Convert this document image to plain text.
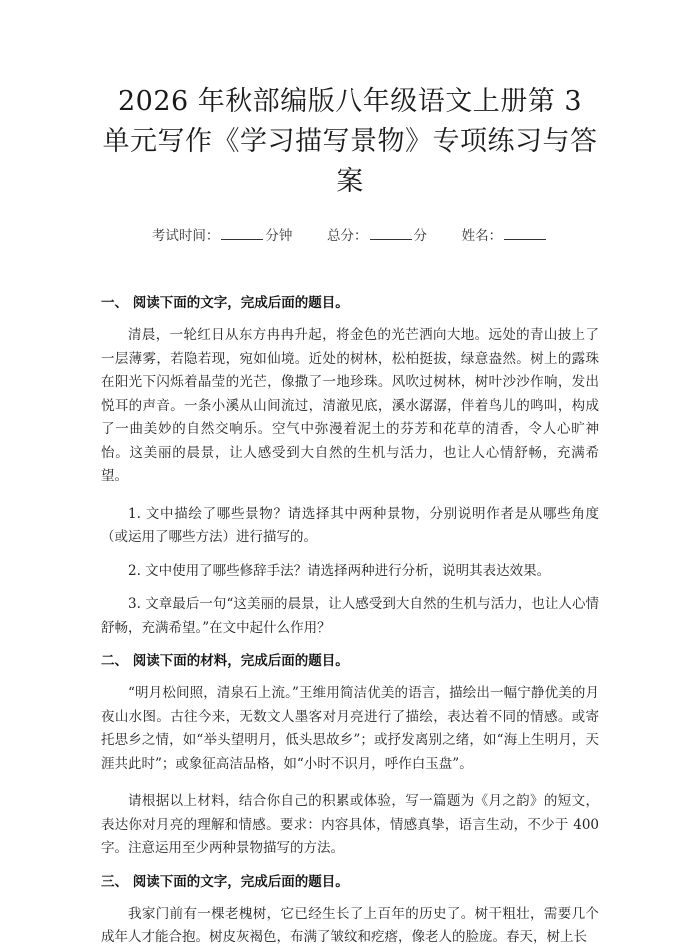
2026 年秋部编版八年级语文上册第 3 单元写作《学习描写景物》专项练习与答案
考试时间：	分钟	总分：	分	姓名：
一、 阅读下面的文字，完成后面的题目。

清晨，一轮红日从东方冉冉升起，将金色的光芒洒向大地。远处的青山披上了一层薄雾，若隐若现，宛如仙境。近处的树林，松柏挺拔，绿意盎然。树上的露珠在阳光下闪烁着晶莹的光芒，像撒了一地珍珠。风吹过树林，树叶沙沙作响，发出悦耳的声音。一条小溪从山间流过，清澈见底，溪水潺潺，伴着鸟儿的鸣叫，构成了一曲美妙的自然交响乐。空气中弥漫着泥土的芬芳和花草的清香，令人心旷神怡。这美丽的晨景，让人感受到大自然的生机与活力，也让人心情舒畅，充满希望。

1. 文中描绘了哪些景物？请选择其中两种景物，分别说明作者是从哪些角度（或运用了哪些方法）进行描写的。

2. 文中使用了哪些修辞手法？请选择两种进行分析，说明其表达效果。

3. 文章最后一句“这美丽的晨景，让人感受到大自然的生机与活力，也让人心情舒畅，充满希望。”在文中起什么作用？

二、 阅读下面的材料，完成后面的题目。

“明月松间照，清泉石上流。”王维用简洁优美的语言，描绘出一幅宁静优美的月夜山水图。古往今来，无数文人墨客对月亮进行了描绘，表达着不同的情感。或寄托思乡之情，如“举头望明月，低头思故乡”；或抒发离别之绪，如“海上生明月，天涯共此时”；或象征高洁品格，如“小时不识月，呼作白玉盘”。

请根据以上材料，结合你自己的积累或体验，写一篇题为《月之韵》的短文，表达你对月亮的理解和情感。要求：内容具体，情感真挚，语言生动，不少于 400 字。注意运用至少两种景物描写的方法。

三、 阅读下面的文字，完成后面的题目。

我家门前有一棵老槐树，它已经生长了上百年的历史了。树干粗壮，需要几个成年人才能合抱。树皮灰褐色，布满了皱纹和疙瘩，像老人的脸庞。春天，树上长
